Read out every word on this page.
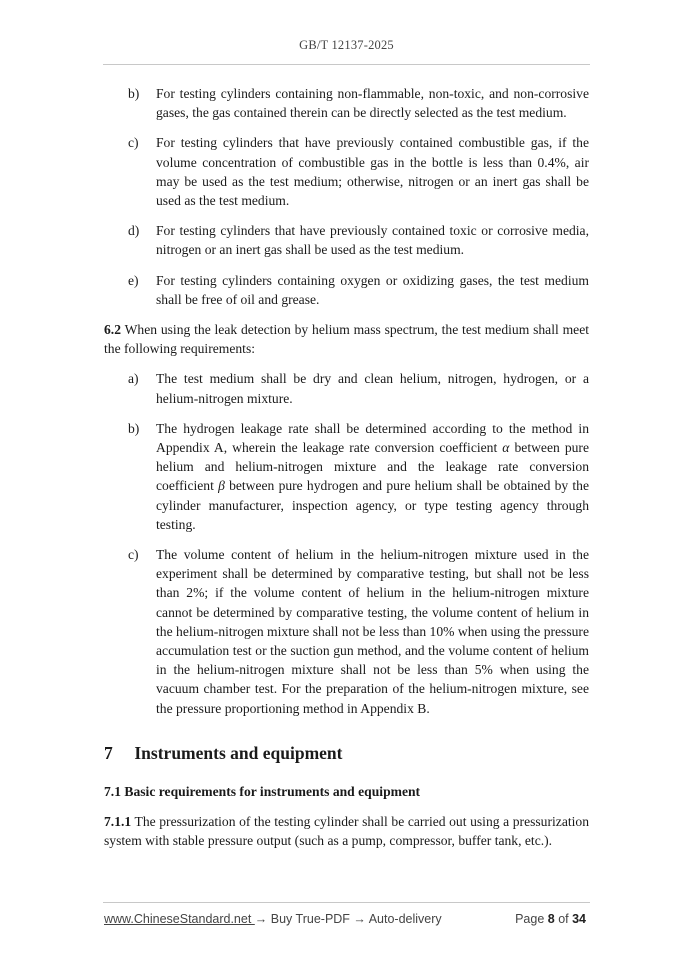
GB/T 12137-2025
b) For testing cylinders containing non-flammable, non-toxic, and non-corrosive gases, the gas contained therein can be directly selected as the test medium.
c) For testing cylinders that have previously contained combustible gas, if the volume concentration of combustible gas in the bottle is less than 0.4%, air may be used as the test medium; otherwise, nitrogen or an inert gas shall be used as the test medium.
d) For testing cylinders that have previously contained toxic or corrosive media, nitrogen or an inert gas shall be used as the test medium.
e) For testing cylinders containing oxygen or oxidizing gases, the test medium shall be free of oil and grease.
6.2 When using the leak detection by helium mass spectrum, the test medium shall meet the following requirements:
a) The test medium shall be dry and clean helium, nitrogen, hydrogen, or a helium-nitrogen mixture.
b) The hydrogen leakage rate shall be determined according to the method in Appendix A, wherein the leakage rate conversion coefficient α between pure helium and helium-nitrogen mixture and the leakage rate conversion coefficient β between pure hydrogen and pure helium shall be obtained by the cylinder manufacturer, inspection agency, or type testing agency through testing.
c) The volume content of helium in the helium-nitrogen mixture used in the experiment shall be determined by comparative testing, but shall not be less than 2%; if the volume content of helium in the helium-nitrogen mixture cannot be determined by comparative testing, the volume content of helium in the helium-nitrogen mixture shall not be less than 10% when using the pressure accumulation test or the suction gun method, and the volume content of helium in the helium-nitrogen mixture shall not be less than 5% when using the vacuum chamber test. For the preparation of the helium-nitrogen mixture, see the pressure proportioning method in Appendix B.
7 Instruments and equipment
7.1 Basic requirements for instruments and equipment
7.1.1 The pressurization of the testing cylinder shall be carried out using a pressurization system with stable pressure output (such as a pump, compressor, buffer tank, etc.).
www.ChineseStandard.net → Buy True-PDF → Auto-delivery	Page 8 of 34
